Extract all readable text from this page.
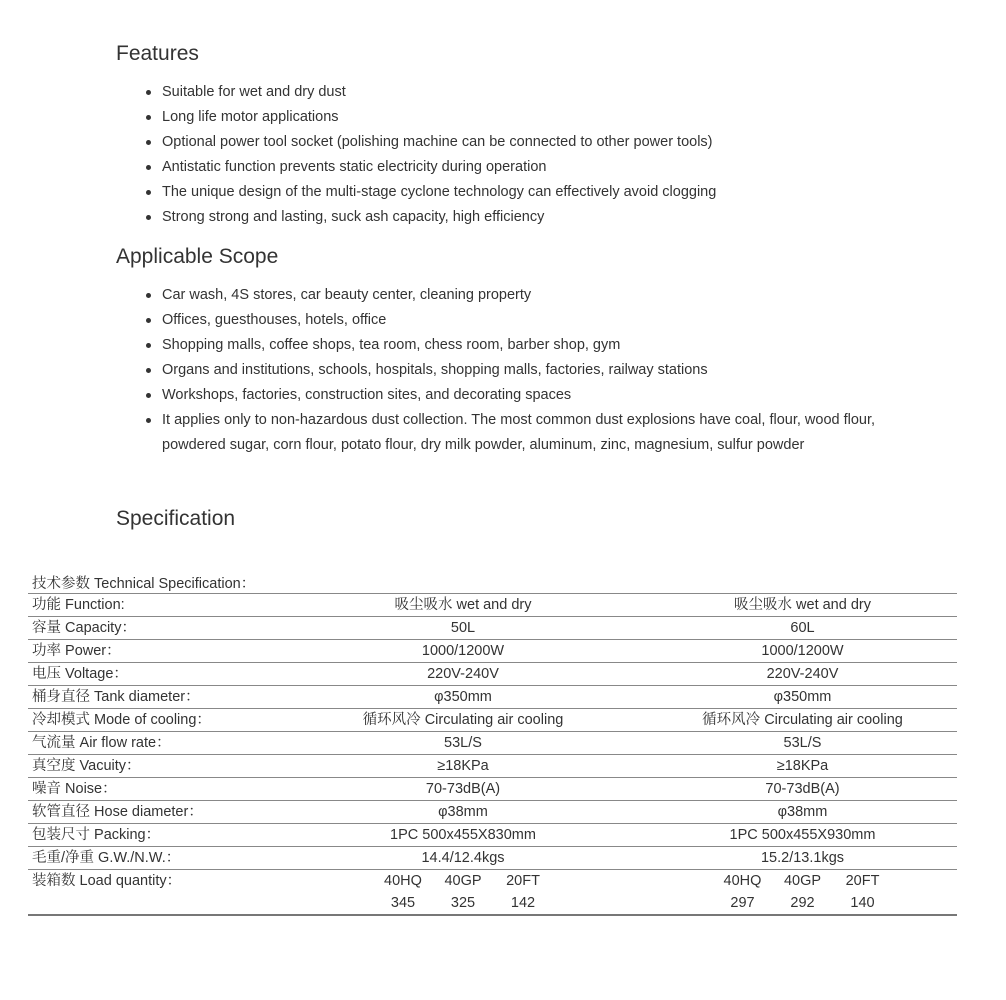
Features
Suitable for wet and dry dust
Long life motor applications
Optional power tool socket (polishing machine can be connected to other power tools)
Antistatic function prevents static electricity during operation
The unique design of the multi-stage cyclone technology can effectively avoid clogging
Strong strong and lasting, suck ash capacity, high efficiency
Applicable Scope
Car wash, 4S stores, car beauty center, cleaning property
Offices, guesthouses, hotels, office
Shopping malls, coffee shops, tea room, chess room, barber shop, gym
Organs and institutions, schools, hospitals, shopping malls, factories, railway stations
Workshops, factories, construction sites, and decorating spaces
It applies only to non-hazardous dust collection. The most common dust explosions have coal, flour, wood flour, powdered sugar, corn flour, potato flour, dry milk powder, aluminum, zinc, magnesium, sulfur powder
Specification
技术参数 Technical Specification：
功能 Function:	吸尘吸水 wet and dry	吸尘吸水 wet and dry
容量 Capacity：	50L	60L
功率 Power：	1000/1200W	1000/1200W
电压 Voltage：	220V-240V	220V-240V
桶身直径 Tank diameter：	φ350mm	φ350mm
冷却模式 Mode of cooling：	循环风冷 Circulating air cooling	循环风冷 Circulating air cooling
气流量 Air flow rate：	53L/S	53L/S
真空度 Vacuity：	≥18KPa	≥18KPa
噪音 Noise：	70-73dB(A)	70-73dB(A)
软管直径 Hose diameter：	φ38mm	φ38mm
包装尺寸 Packing：	1PC 500x455X830mm	1PC 500x455X930mm
毛重/净重 G.W./N.W.：	14.4/12.4kgs	15.2/13.1kgs
装箱数 Load quantity：	40HQ 40GP 20FT	40HQ 40GP 20FT
	345 325 142	297 292 140
